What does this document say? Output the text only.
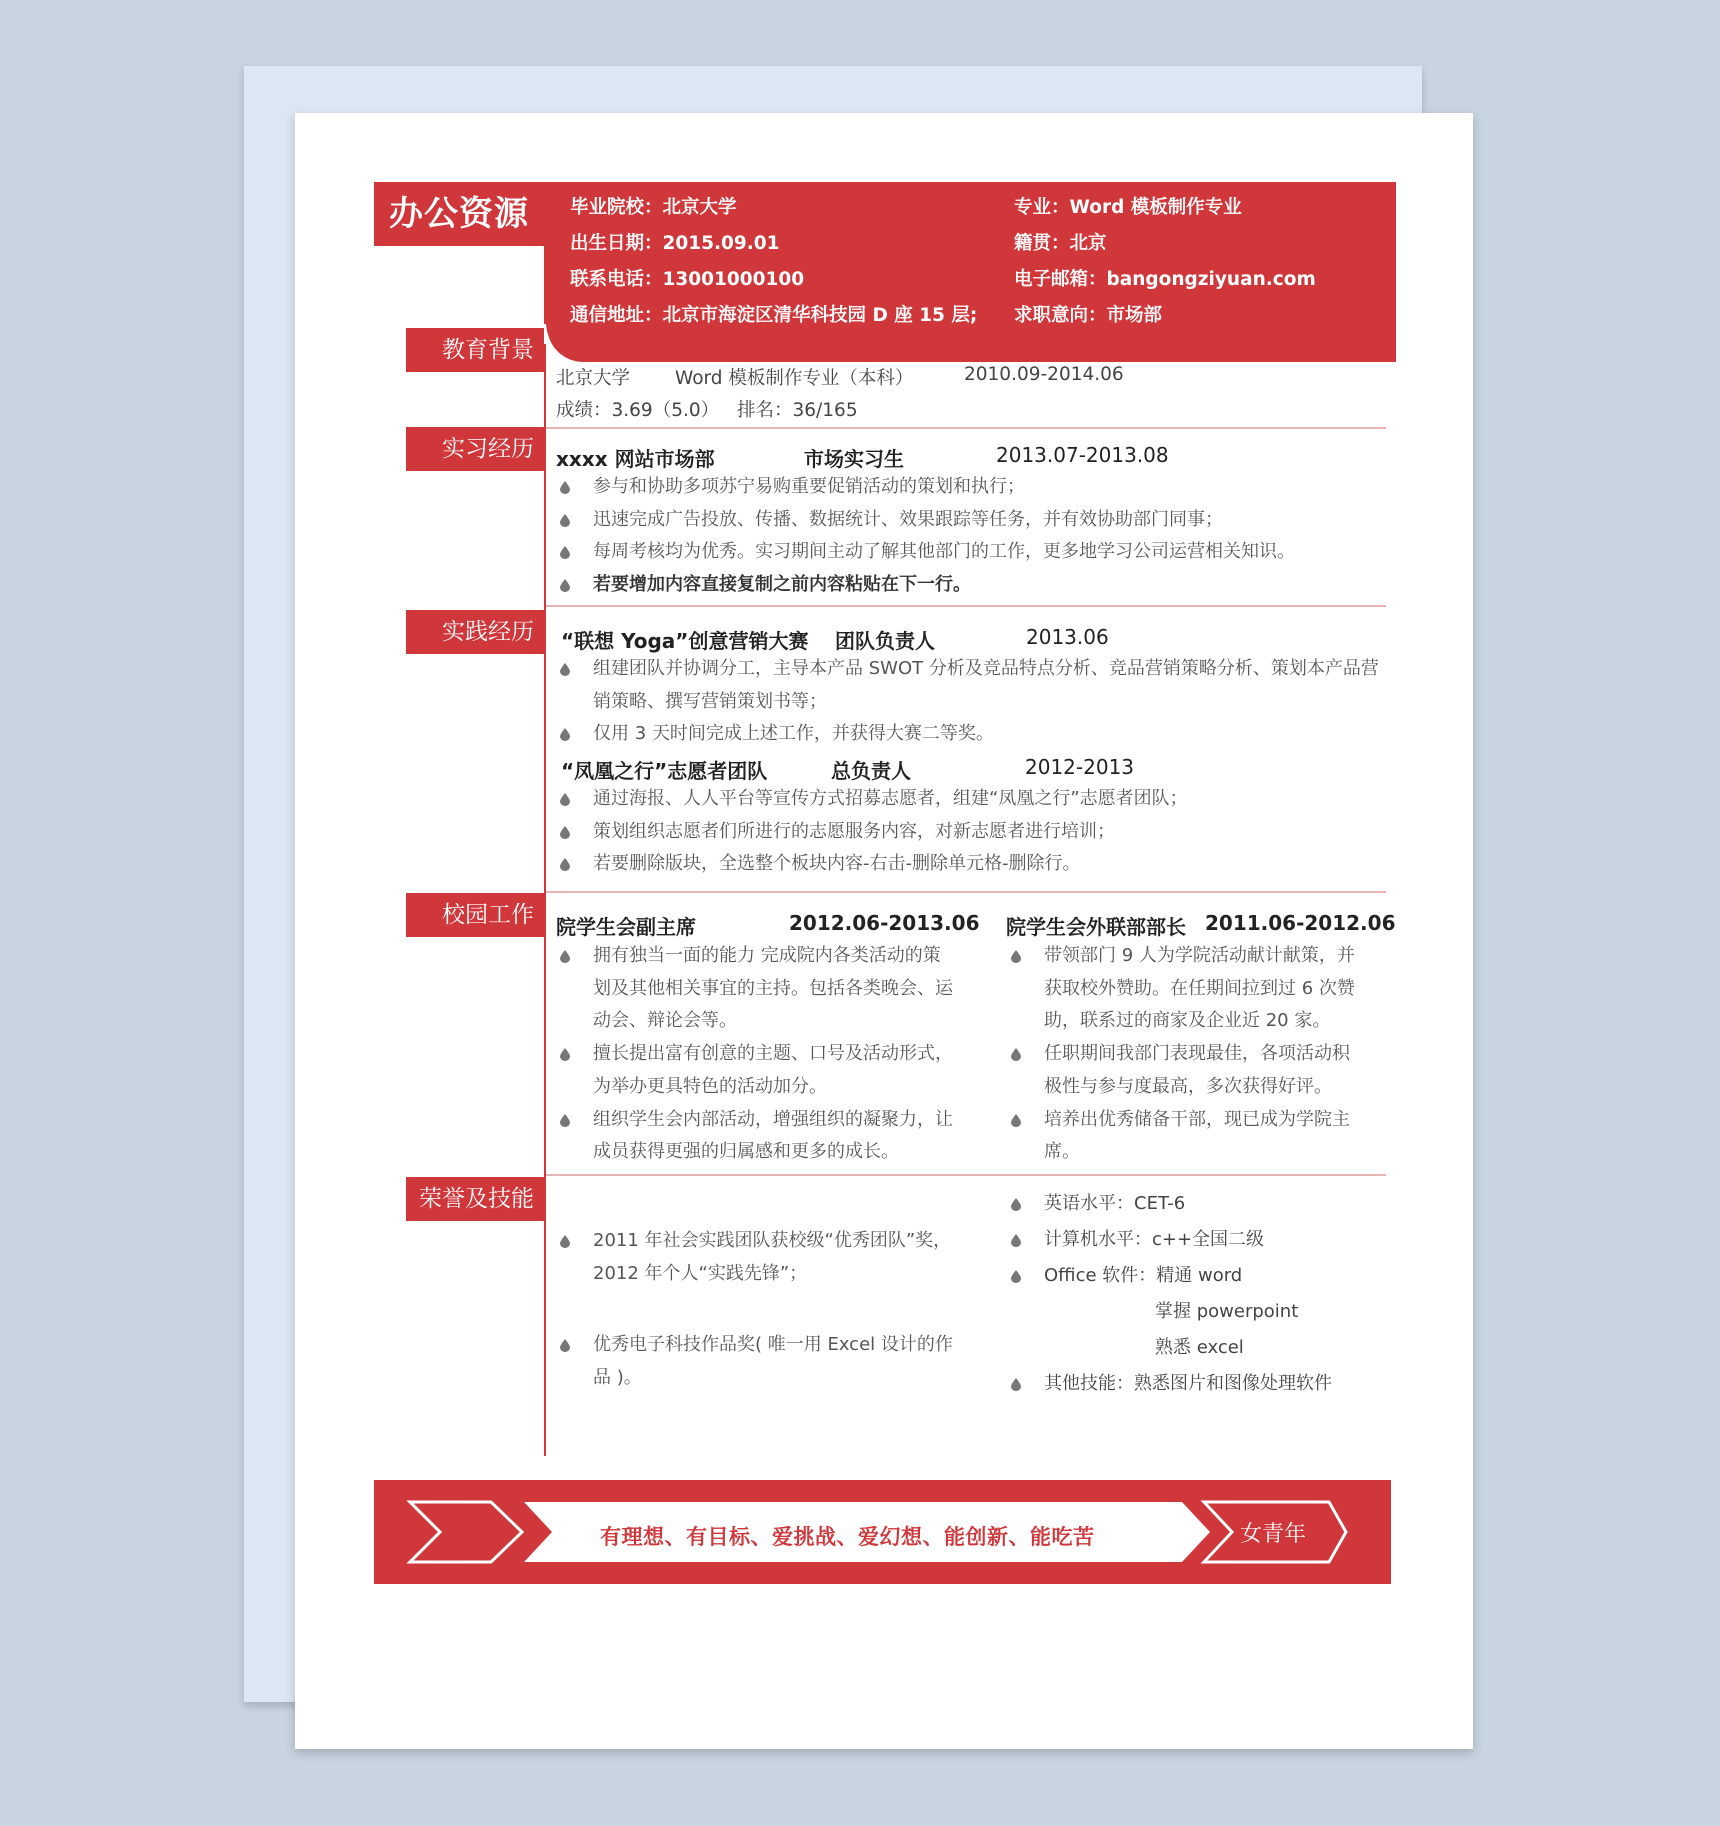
办公资源	毕业院校：北京大学	专业：Word 模板制作专业
出生日期：2015.09.01	籍贯：北京
联系电话：13001000100	电子邮箱：bangongziyuan.com
通信地址：北京市海淀区清华科技园 D 座 15 层; 求职意向：市场部
教育背景
北京大学 Word 模板制作专业（本科）	2010.09-2014.06
成绩：3.69（5.0） 排名：36/165
实习经历	xxxx 网站市场部	市场实习生	2013.07-2013.08
参与和协助多项苏宁易购重要促销活动的策划和执行；
迅速完成广告投放、传播、数据统计、效果跟踪等任务，并有效协助部门同事；
每周考核均为优秀。实习期间主动了解其他部门的工作，更多地学习公司运营相关知识。
若要增加内容直接复制之前内容粘贴在下一行。
实践经历	“联想 Yoga”创意营销大赛 团队负责人	2013.06
组建团队并协调分工，主导本产品 SWOT 分析及竞品特点分析、竞品营销策略分析、策划本产品营
销策略、撰写营销策划书等；
仅用 3 天时间完成上述工作，并获得大赛二等奖。
“凤凰之行”志愿者团队	总负责人	2012-2013
通过海报、人人平台等宣传方式招募志愿者，组建“凤凰之行”志愿者团队；
策划组织志愿者们所进行的志愿服务内容，对新志愿者进行培训；
若要删除版块，全选整个板块内容-右击-删除单元格-删除行。
校园工作	院学生会副主席	2012.06-2013.06
拥有独当一面的能力 完成院内各类活动的策
划及其他相关事宜的主持。包括各类晚会、运
动会、辩论会等。
擅长提出富有创意的主题、口号及活动形式，
为举办更具特色的活动加分。
组织学生会内部活动，增强组织的凝聚力，让
成员获得更强的归属感和更多的成长。
院学生会外联部部长 2011.06-2012.06
带领部门 9 人为学院活动献计献策，并
获取校外赞助。在任期间拉到过 6 次赞
助，联系过的商家及企业近 20 家。
任职期间我部门表现最佳，各项活动积
极性与参与度最高，多次获得好评。
培养出优秀储备干部，现已成为学院主
席。
荣誉及技能
2011 年社会实践团队获校级“优秀团队”奖，
2012 年个人“实践先锋”；
优秀电子科技作品奖( 唯一用 Excel 设计的作
品 )。
英语水平：CET-6
计算机水平：c++全国二级
Office 软件：精通 word
掌握 powerpoint
熟悉 excel
其他技能：熟悉图片和图像处理软件
有理想、有目标、爱挑战、爱幻想、能创新、能吃苦	女青年
